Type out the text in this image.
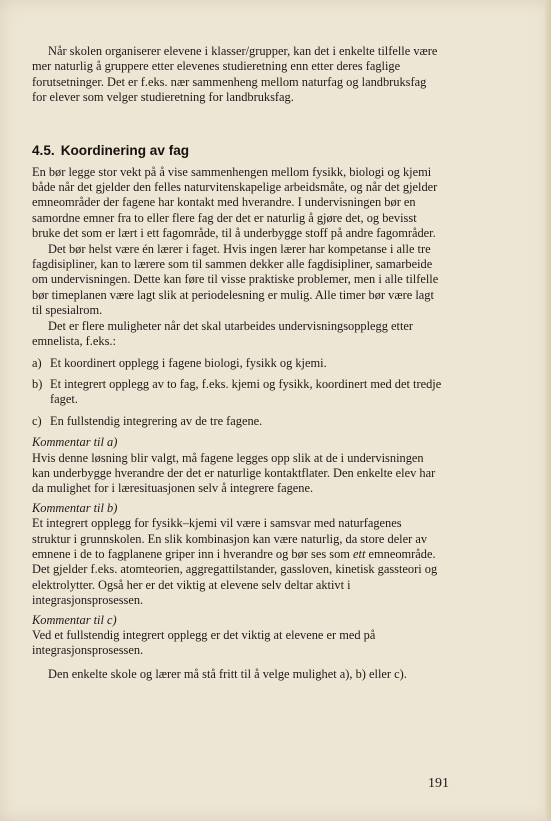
Når skolen organiserer elevene i klasser/grupper, kan det i enkelte tilfelle være mer naturlig å gruppere etter elevenes studieretning enn etter deres faglige forutsetninger. Det er f.eks. nær sammenheng mellom naturfag og landbruksfag for elever som velger studieretning for landbruksfag.

4.5. Koordinering av fag

En bør legge stor vekt på å vise sammenhengen mellom fysikk, biologi og kjemi både når det gjelder den felles naturvitenskapelige arbeidsmåte, og når det gjelder emneområder der fagene har kontakt med hverandre. I undervisningen bør en samordne emner fra to eller flere fag der det er naturlig å gjøre det, og bevisst bruke det som er lært i ett fagområde, til å underbygge stoff på andre fagområder.

Det bør helst være én lærer i faget. Hvis ingen lærer har kompetanse i alle tre fagdisipliner, kan to lærere som til sammen dekker alle fagdisipliner, samarbeide om undervisningen. Dette kan føre til visse praktiske problemer, men i alle tilfelle bør timeplanen være lagt slik at periodelesning er mulig. Alle timer bør være lagt til spesialrom.

Det er flere muligheter når det skal utarbeides undervisningsopplegg etter emnelista, f.eks.:

a) Et koordinert opplegg i fagene biologi, fysikk og kjemi.
b) Et integrert opplegg av to fag, f.eks. kjemi og fysikk, koordinert med det tredje faget.
c) En fullstendig integrering av de tre fagene.

Kommentar til a)

Hvis denne løsning blir valgt, må fagene legges opp slik at de i undervisningen kan underbygge hverandre der det er naturlige kontaktflater. Den enkelte elev har da mulighet for i læresituasjonen selv å integrere fagene.

Kommentar til b)

Et integrert opplegg for fysikk–kjemi vil være i samsvar med naturfagenes struktur i grunnskolen. En slik kombinasjon kan være naturlig, da store deler av emnene i de to fagplanene griper inn i hverandre og bør ses som ett emneområde. Det gjelder f.eks. atomteorien, aggregattilstander, gassloven, kinetisk gassteori og elektrolytter. Også her er det viktig at elevene selv deltar aktivt i integrasjonsprosessen.

Kommentar til c)

Ved et fullstendig integrert opplegg er det viktig at elevene er med på integrasjonsprosessen.

Den enkelte skole og lærer må stå fritt til å velge mulighet a), b) eller c).

191
